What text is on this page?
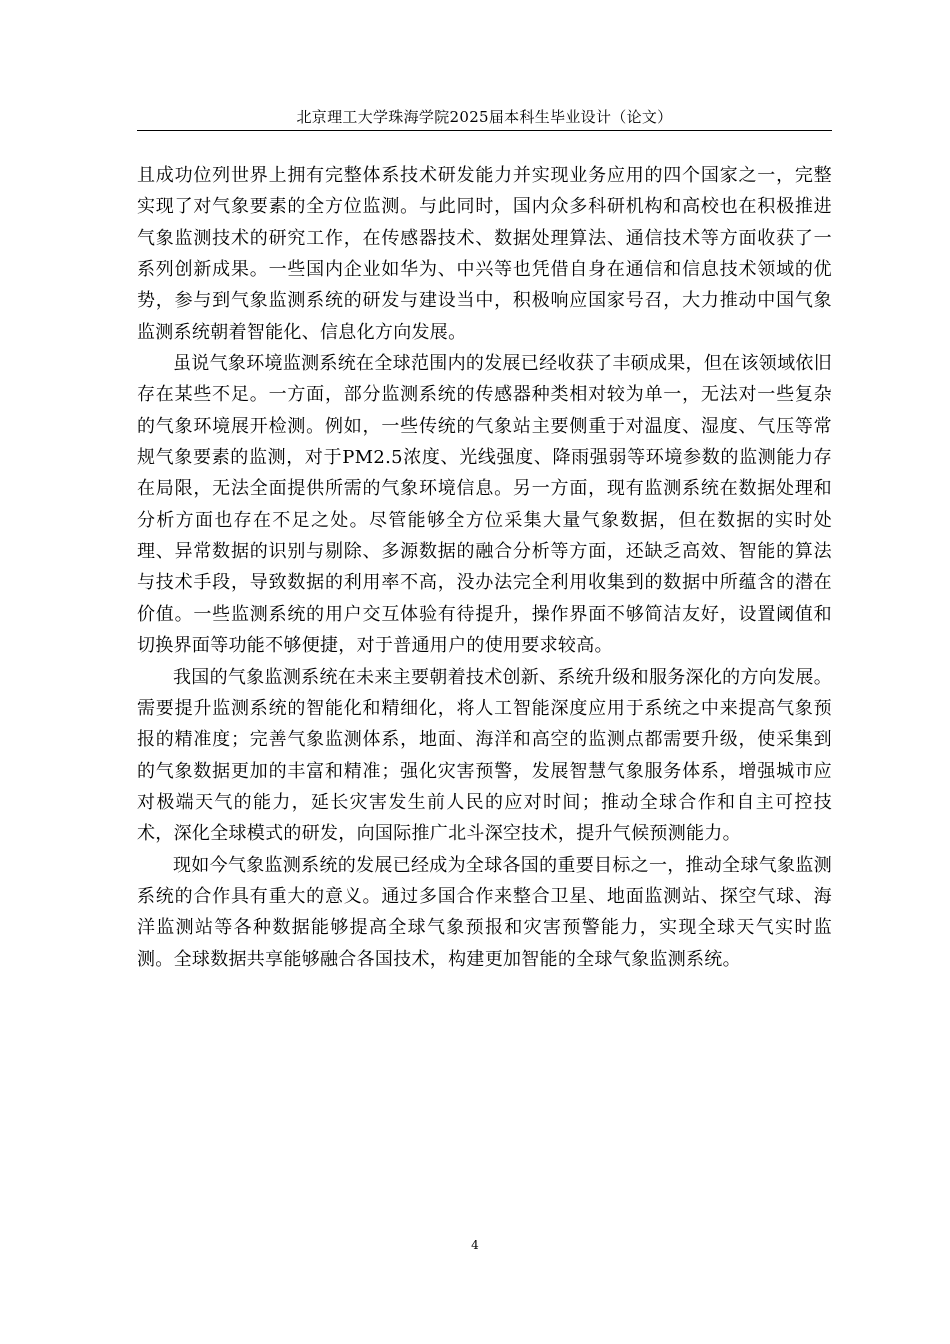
北京理工大学珠海学院2025届本科生毕业设计（论文）

且成功位列世界上拥有完整体系技术研发能力并实现业务应用的四个国家之一，完整实现了对气象要素的全方位监测。与此同时，国内众多科研机构和高校也在积极推进气象监测技术的研究工作，在传感器技术、数据处理算法、通信技术等方面收获了一系列创新成果。一些国内企业如华为、中兴等也凭借自身在通信和信息技术领域的优势，参与到气象监测系统的研发与建设当中，积极响应国家号召，大力推动中国气象监测系统朝着智能化、信息化方向发展。

虽说气象环境监测系统在全球范围内的发展已经收获了丰硕成果，但在该领域依旧存在某些不足。一方面，部分监测系统的传感器种类相对较为单一，无法对一些复杂的气象环境展开检测。例如，一些传统的气象站主要侧重于对温度、湿度、气压等常规气象要素的监测，对于PM2.5浓度、光线强度、降雨强弱等环境参数的监测能力存在局限，无法全面提供所需的气象环境信息。另一方面，现有监测系统在数据处理和分析方面也存在不足之处。尽管能够全方位采集大量气象数据，但在数据的实时处理、异常数据的识别与剔除、多源数据的融合分析等方面，还缺乏高效、智能的算法与技术手段，导致数据的利用率不高，没办法完全利用收集到的数据中所蕴含的潜在价值。一些监测系统的用户交互体验有待提升，操作界面不够简洁友好，设置阈值和切换界面等功能不够便捷，对于普通用户的使用要求较高。

我国的气象监测系统在未来主要朝着技术创新、系统升级和服务深化的方向发展。需要提升监测系统的智能化和精细化，将人工智能深度应用于系统之中来提高气象预报的精准度；完善气象监测体系，地面、海洋和高空的监测点都需要升级，使采集到的气象数据更加的丰富和精准；强化灾害预警，发展智慧气象服务体系，增强城市应对极端天气的能力，延长灾害发生前人民的应对时间；推动全球合作和自主可控技术，深化全球模式的研发，向国际推广北斗深空技术，提升气候预测能力。

现如今气象监测系统的发展已经成为全球各国的重要目标之一，推动全球气象监测系统的合作具有重大的意义。通过多国合作来整合卫星、地面监测站、探空气球、海洋监测站等各种数据能够提高全球气象预报和灾害预警能力，实现全球天气实时监测。全球数据共享能够融合各国技术，构建更加智能的全球气象监测系统。

4
